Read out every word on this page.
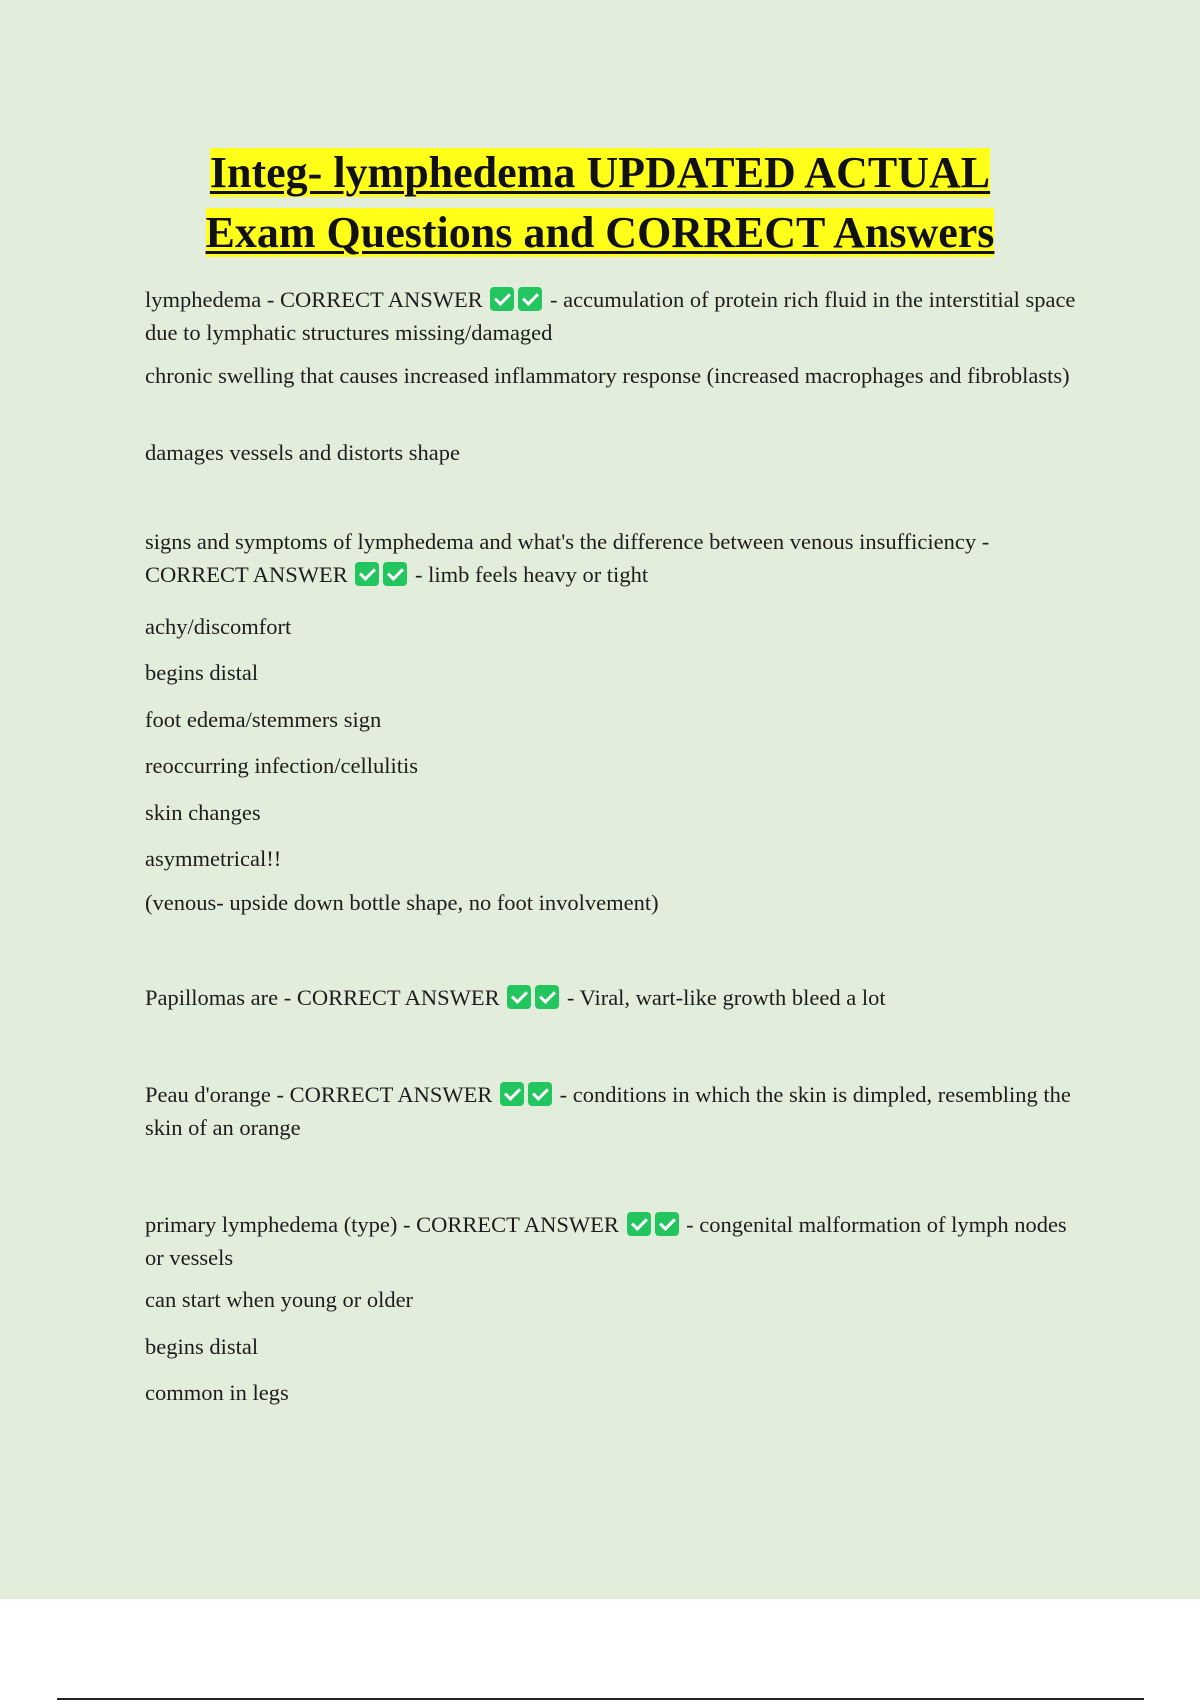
Integ- lymphedema UPDATED ACTUAL
Exam Questions and CORRECT Answers

lymphedema - CORRECT ANSWER	- accumulation of protein rich fluid in the interstitial space due to lymphatic structures missing/damaged

chronic swelling that causes increased inflammatory response (increased macrophages and fibroblasts)

damages vessels and distorts shape

signs and symptoms of lymphedema and what's the difference between venous insufficiency - CORRECT ANSWER	- limb feels heavy or tight

achy/discomfort

begins distal

foot edema/stemmers sign

reoccurring infection/cellulitis

skin changes

asymmetrical!!

(venous- upside down bottle shape, no foot involvement)

Papillomas are - CORRECT ANSWER	- Viral, wart-like growth bleed a lot

Peau d'orange - CORRECT ANSWER	- conditions in which the skin is dimpled, resembling the skin of an orange

primary lymphedema (type) - CORRECT ANSWER	- congenital malformation of lymph nodes or vessels

can start when young or older

begins distal

common in legs
